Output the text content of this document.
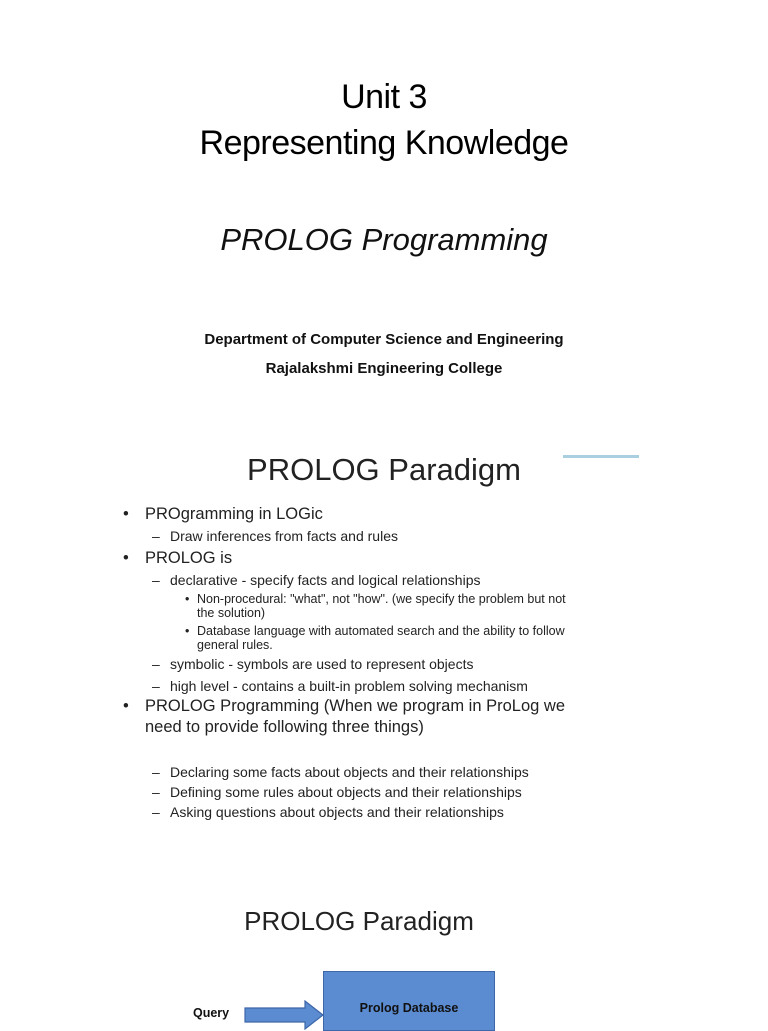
Unit 3
Representing Knowledge
PROLOG Programming
Department of Computer Science and Engineering
Rajalakshmi Engineering College
PROLOG Paradigm
• PROgramming in LOGic
– Draw inferences from facts and rules
• PROLOG is
– declarative - specify facts and logical relationships
• Non-procedural: "what", not "how". (we specify the problem but not
the solution)
• Database language with automated search and the ability to follow
general rules.
– symbolic - symbols are used to represent objects
– high level - contains a built-in problem solving mechanism
• PROLOG Programming (When we program in ProLog we
need to provide following three things)
– Declaring some facts about objects and their relationships
– Defining some rules about objects and their relationships
– Asking questions about objects and their relationships
PROLOG Paradigm
Query	Prolog Database
